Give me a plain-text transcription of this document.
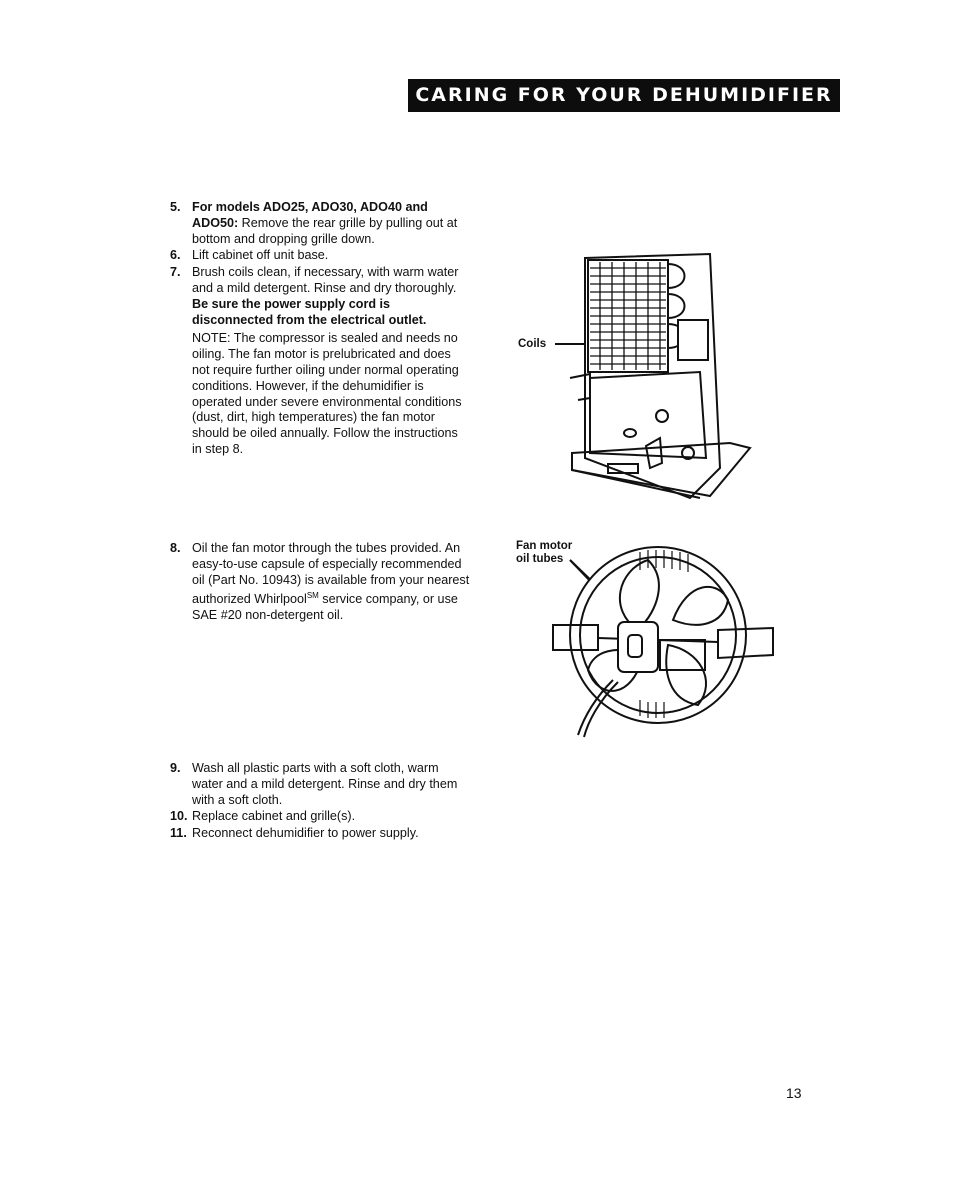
CARING FOR YOUR DEHUMIDIFIER
5. For models ADO25, ADO30, ADO40 and ADO50: Remove the rear grille by pulling out at bottom and dropping grille down.
6. Lift cabinet off unit base.
7. Brush coils clean, if necessary, with warm water and a mild detergent. Rinse and dry thoroughly. Be sure the power supply cord is disconnected from the electrical outlet.
NOTE: The compressor is sealed and needs no oiling. The fan motor is prelubricated and does not require further oiling under normal operating conditions. However, if the dehumidifier is operated under severe environmental conditions (dust, dirt, high temperatures) the fan motor should be oiled annually. Follow the instructions in step 8.
8. Oil the fan motor through the tubes provided. An easy-to-use capsule of especially recommended oil (Part No. 10943) is available from your nearest authorized Whirlpool℠ service company, or use SAE #20 non-detergent oil.
9. Wash all plastic parts with a soft cloth, warm water and a mild detergent. Rinse and dry them with a soft cloth.
10. Replace cabinet and grille(s).
11. Reconnect dehumidifier to power supply.
Coils
Fan motor
oil tubes
13
